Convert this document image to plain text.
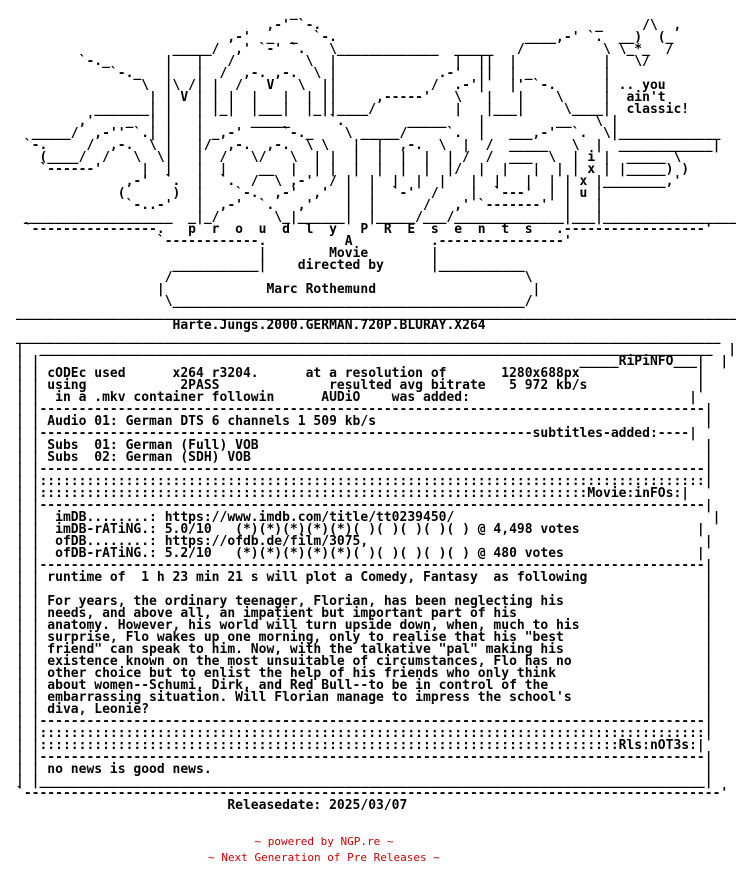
_
,-' `-.                                   _     /\  ,
,-'  _  _  `-.                        ____,-' `.  __)  (_
_____/  ,' `-' `.   \_____________  _____   /          \ \_*_  /
`-._       |   |   /         \  |               |  ||  |           |   \/
`-._   |   |  /  ,-. ,-.  \ |             .-'  ||  | _         |
\  |\ /| |  /   V   \  ||            /  .-'|   |' `-.      | .. you
| | V | | |  |   |  | ||     ,-----'   \   |   |    \     |  ain't
_______| |   | |_|  |___|  |_||____/          |   |___|     \____|  classic!
,'    _  | |   |      _____     `.        _____    |         __   \ |
_____/  ,-'' `.| |   | _,-'     `-._    \ _____/     `.  |   ___,-'  `.  \|_____________
`-.     /  ,-.  \ |   |/  ,-.  ,-.  \ \   |  |  ,-.  \  |  /  _____   \  |  ____________|
(____/  /   \  \|   |  /   \/   \  | |  |  |  |  |  | /  /  ___  \  | i |  _____ \
`------'     |  |   |  |    __  |  | |  |  |  |  |  |/  |  |   |  | | x | |_____) )
,-'  `.  |  `.  /  \ ,-'  / |  |  |  |  |   |  |   |  | | x |________,'
(      )  |    `-.  ,-'  ,'  |  |  `-'  /    |  `---'  | | u |
`-..-'   |  ,-'  `.   ,'    |  |      /   ,' `-------'  |   |
___________________  _|_/       \_|______|  |_____/___/______________|___|_________________
`----------------.   p  r  o  u  d  l  y   P  R  E  s  e  n  t  s   .------------------'
`------------.          A          .----------------'
|        Movie        |
___________|    directed by      |___________
/                                             \
|             Marc Rothemund                    |
\_____________________________________________/
____________________________________________________________________________________________
Harte.Jungs.2000.GERMAN.720P.BLURAY.X264
__________________________________________________________________________________________
|  ______________________________________________________________________________________  |
| |                                                                     _____RiPiNFO___|  |
| | cODEc used      x264 r3204.      at a resolution of       1280x688px               |
| | using            2PASS              resulted avg bitrate   5 972 kb/s              |
| |  in a .mkv container followin      AUDiO    was added:                            |
| |-------------------------------------------------------------------------------------|
| | Audio 01: German DTS 6 channels 1 509 kb/s                                          |
| |---------------------------------------------------------------subtitles-added:----|
| | Subs  01: German (Full) VOB                                                         |
| | Subs  02: German (SDH) VOB                                                          |
| |-------------------------------------------------------------------------------------|
| |:::::::::::::::::::::::::::::::::::::::::::::::::::::::::::::::::::::::::::::::::::::|
| |::::::::::::::::::::::::::::::::::::::::::::::::::::::::::::::::::::::Movie:inFOs:|
| |-------------------------------------------------------------------------------------|
| |  imDB........: https://www.imdb.com/title/tt0239450/                                 |
| |  imDB-rATiNG.: 5.0/10   (*)(*)(*)(*)(*)( )( )( )( )( ) @ 4,498 votes               |
| |  ofDB........: https://ofdb.de/film/3075,                                           |
| |  ofDB-rATiNG.: 5.2/10   (*)(*)(*)(*)(*)( )( )( )( )( ) @ 480 votes                 |
| |-------------------------------------------------------------------------------------|
| | runtime of  1 h 23 min 21 s will plot a Comedy, Fantasy  as following               |
| |                                                                                     |
| | For years, the ordinary teenager, Florian, has been neglecting his                  |
| | needs, and above all, an impatient but important part of his                        |
| | anatomy. However, his world will turn upside down, when, much to his                |
| | surprise, Flo wakes up one morning, only to realise that his "best                  |
| | friend" can speak to him. Now, with the talkative "pal" making his                  |
| | existence known on the most unsuitable of circumstances, Flo has no                 |
| | other choice but to enlist the help of his friends who only think                   |
| | about women--Schumi, Dirk, and Red Bull--to be in control of the                    |
| | embarrassing situation. Will Florian manage to impress the school's                 |
| | diva, Leonie?                                                                       |
| |-------------------------------------------------------------------------------------|
| |:::::::::::::::::::::::::::::::::::::::::::::::::::::::::::::::::::::::::::::::::::::|
| |::::::::::::::::::::::::::::::::::::::::::::::::::::::::::::::::::::::::::Rls:nOT3s:|
| |-------------------------------------------------------------------------------------|
| | no news is good news.                                                               |
| |_____________________________________________________________________________________|
`-----------------------------------------------------------------------------------------'
Releasedate: 2025/03/07
~ powered by NGP.re ~
~ Next Generation of Pre Releases ~
